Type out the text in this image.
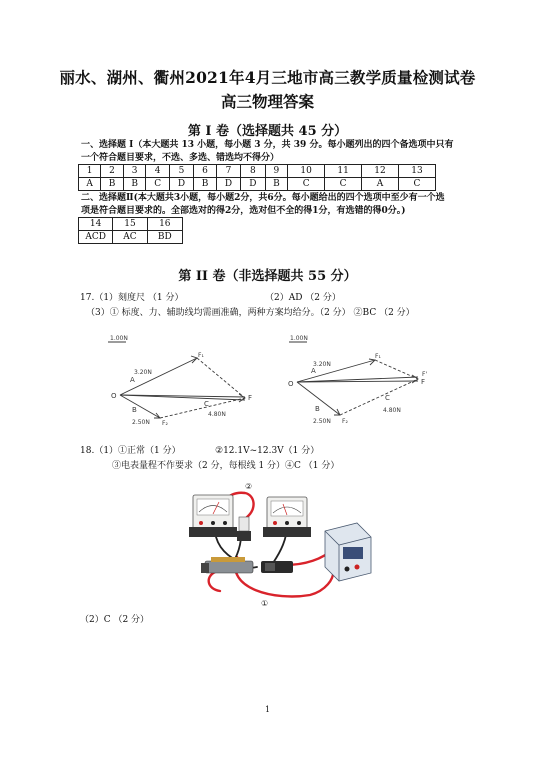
丽水、湖州、衢州2021年4月三地市高三教学质量检测试卷
高三物理答案
第 I 卷（选择题共 45 分）
一、选择题 I（本大题共 13 小题，每小题 3 分，共 39 分。每小题列出的四个备选项中只有
一个符合题目要求，不选、多选、错选均不得分）
1	2	3	4	5	6	7	8	9	10	11	12	13
A	B	B	C	D	B	D	D	B	C	C	A	C
二、选择题Ⅱ(本大题共3小题，每小题2分，共6分。每小题给出的四个选项中至少有一个选
项是符合题目要求的。全部选对的得2分，选对但不全的得1分，有选错的得0分。)
14	15	16
ACD	AC	BD
第 II 卷（非选择题共 55 分）
17.（1）刻度尺 （1 分）	（2）AD （2 分）
（3）① 标度、力、辅助线均需画准确，两种方案均给分。（2 分） ②BC （2 分）
1.00N
O
A
B
C
F
F₁
F₂
3.20N
2.50N
4.80N
1.00N
O
A
B
C
F
F'
F₁
F₂
3.20N
2.50N
4.80N
18.（1）①正常（1 分）	②12.1V~12.3V（1 分）
③电表量程不作要求（2 分，每根线 1 分）④C （1 分）
②
①
（2）C （2 分）
1
